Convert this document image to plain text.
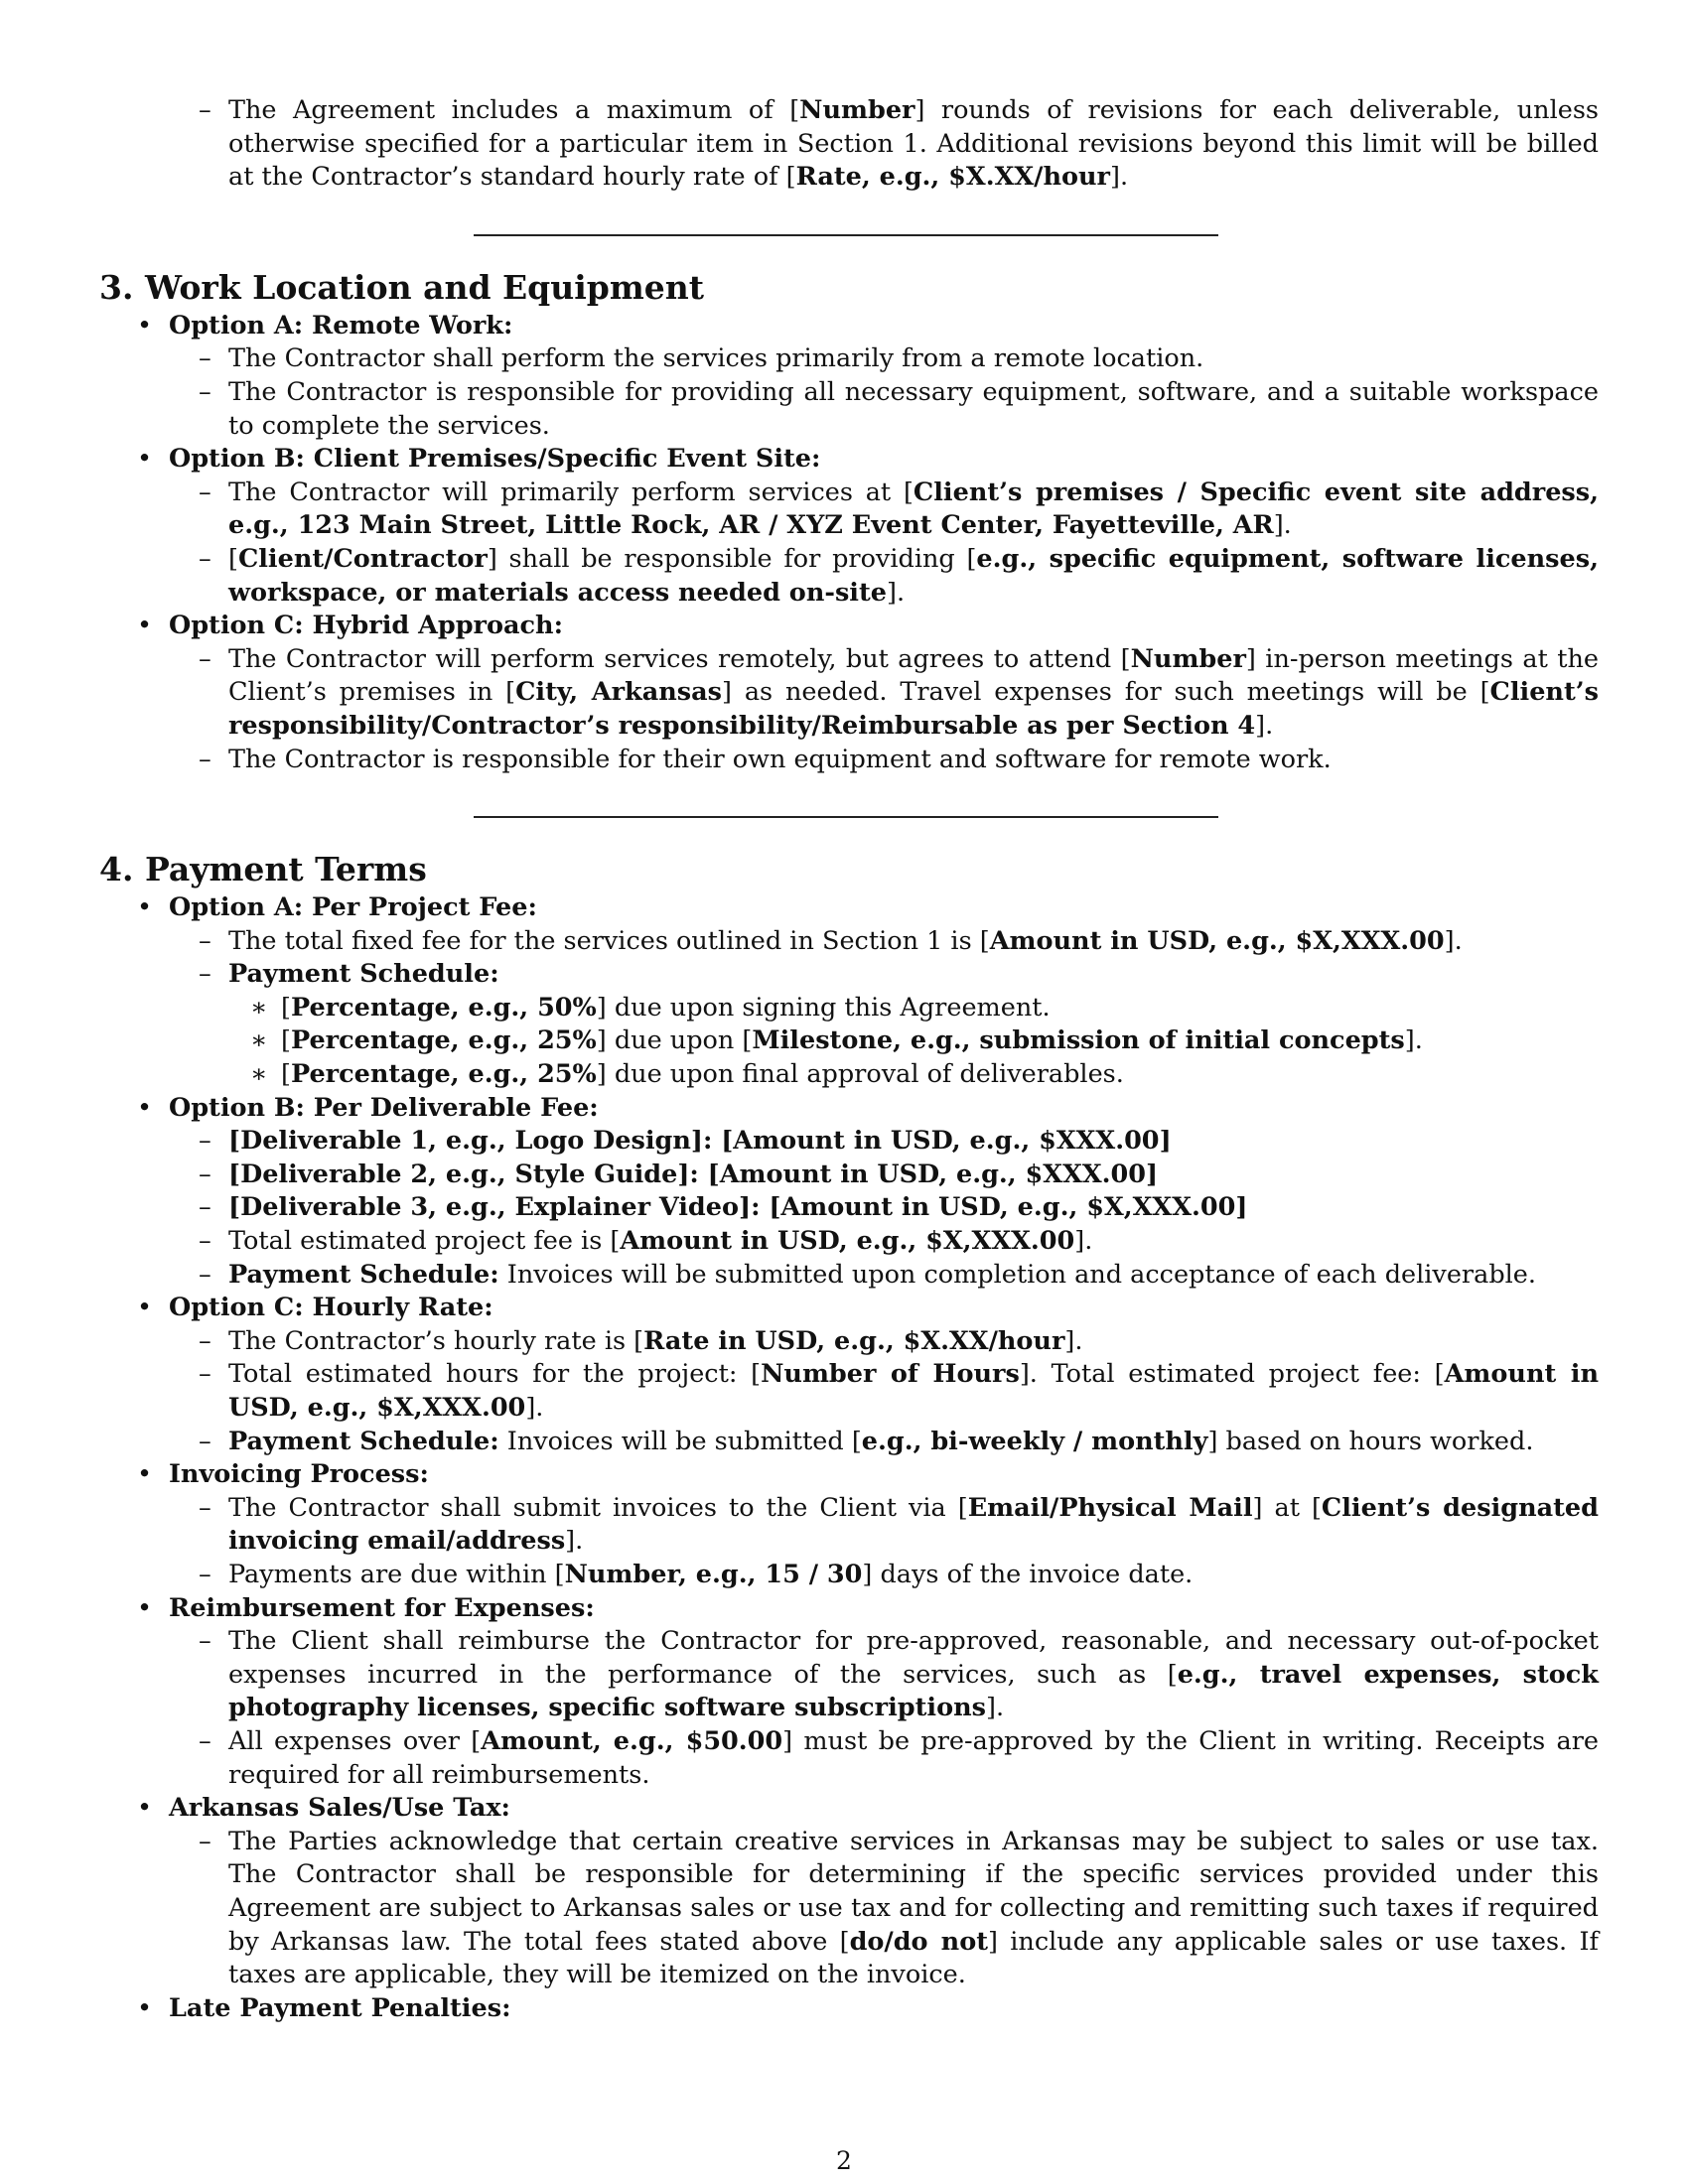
– The Agreement includes a maximum of [Number] rounds of revisions for each deliverable, unless otherwise specified for a particular item in Section 1. Additional revisions beyond this limit will be billed at the Contractor’s standard hourly rate of [Rate, e.g., $X.XX/hour].

3. Work Location and Equipment
• Option A: Remote Work:

– The Contractor shall perform the services primarily from a remote location.

– The Contractor is responsible for providing all necessary equipment, software, and a suitable workspace to complete the services.

• Option B: Client Premises/Specific Event Site:

– The Contractor will primarily perform services at [Client’s premises / Specific event site address, e.g., 123 Main Street, Little Rock, AR / XYZ Event Center, Fayetteville, AR].

– [Client/Contractor] shall be responsible for providing [e.g., specific equipment, software licenses, workspace, or materials access needed on-site].

• Option C: Hybrid Approach:

– The Contractor will perform services remotely, but agrees to attend [Number] in-person meetings at the Client’s premises in [City, Arkansas] as needed. Travel expenses for such meetings will be [Client’s responsibility/Contractor’s responsibility/Reimbursable as per Section 4].

– The Contractor is responsible for their own equipment and software for remote work.

4. Payment Terms
• Option A: Per Project Fee:

– The total fixed fee for the services outlined in Section 1 is [Amount in USD, e.g., $X,XXX.00].

– Payment Schedule:

∗ [Percentage, e.g., 50%] due upon signing this Agreement.

∗ [Percentage, e.g., 25%] due upon [Milestone, e.g., submission of initial concepts].

∗ [Percentage, e.g., 25%] due upon final approval of deliverables.

• Option B: Per Deliverable Fee:

– [Deliverable 1, e.g., Logo Design]: [Amount in USD, e.g., $XXX.00]

– [Deliverable 2, e.g., Style Guide]: [Amount in USD, e.g., $XXX.00]

– [Deliverable 3, e.g., Explainer Video]: [Amount in USD, e.g., $X,XXX.00]

– Total estimated project fee is [Amount in USD, e.g., $X,XXX.00].

– Payment Schedule: Invoices will be submitted upon completion and acceptance of each deliverable.

• Option C: Hourly Rate:

– The Contractor’s hourly rate is [Rate in USD, e.g., $X.XX/hour].

– Total estimated hours for the project: [Number of Hours]. Total estimated project fee: [Amount in USD, e.g., $X,XXX.00].

– Payment Schedule: Invoices will be submitted [e.g., bi-weekly / monthly] based on hours worked.

• Invoicing Process:

– The Contractor shall submit invoices to the Client via [Email/Physical Mail] at [Client’s designated invoicing email/address].

– Payments are due within [Number, e.g., 15 / 30] days of the invoice date.

• Reimbursement for Expenses:

– The Client shall reimburse the Contractor for pre-approved, reasonable, and necessary out-of-pocket expenses incurred in the performance of the services, such as [e.g., travel expenses, stock photography licenses, specific software subscriptions].

– All expenses over [Amount, e.g., $50.00] must be pre-approved by the Client in writing. Receipts are required for all reimbursements.

• Arkansas Sales/Use Tax:

– The Parties acknowledge that certain creative services in Arkansas may be subject to sales or use tax. The Contractor shall be responsible for determining if the specific services provided under this Agreement are subject to Arkansas sales or use tax and for collecting and remitting such taxes if required by Arkansas law. The total fees stated above [do/do not] include any applicable sales or use taxes. If taxes are applicable, they will be itemized on the invoice.

• Late Payment Penalties:
2
